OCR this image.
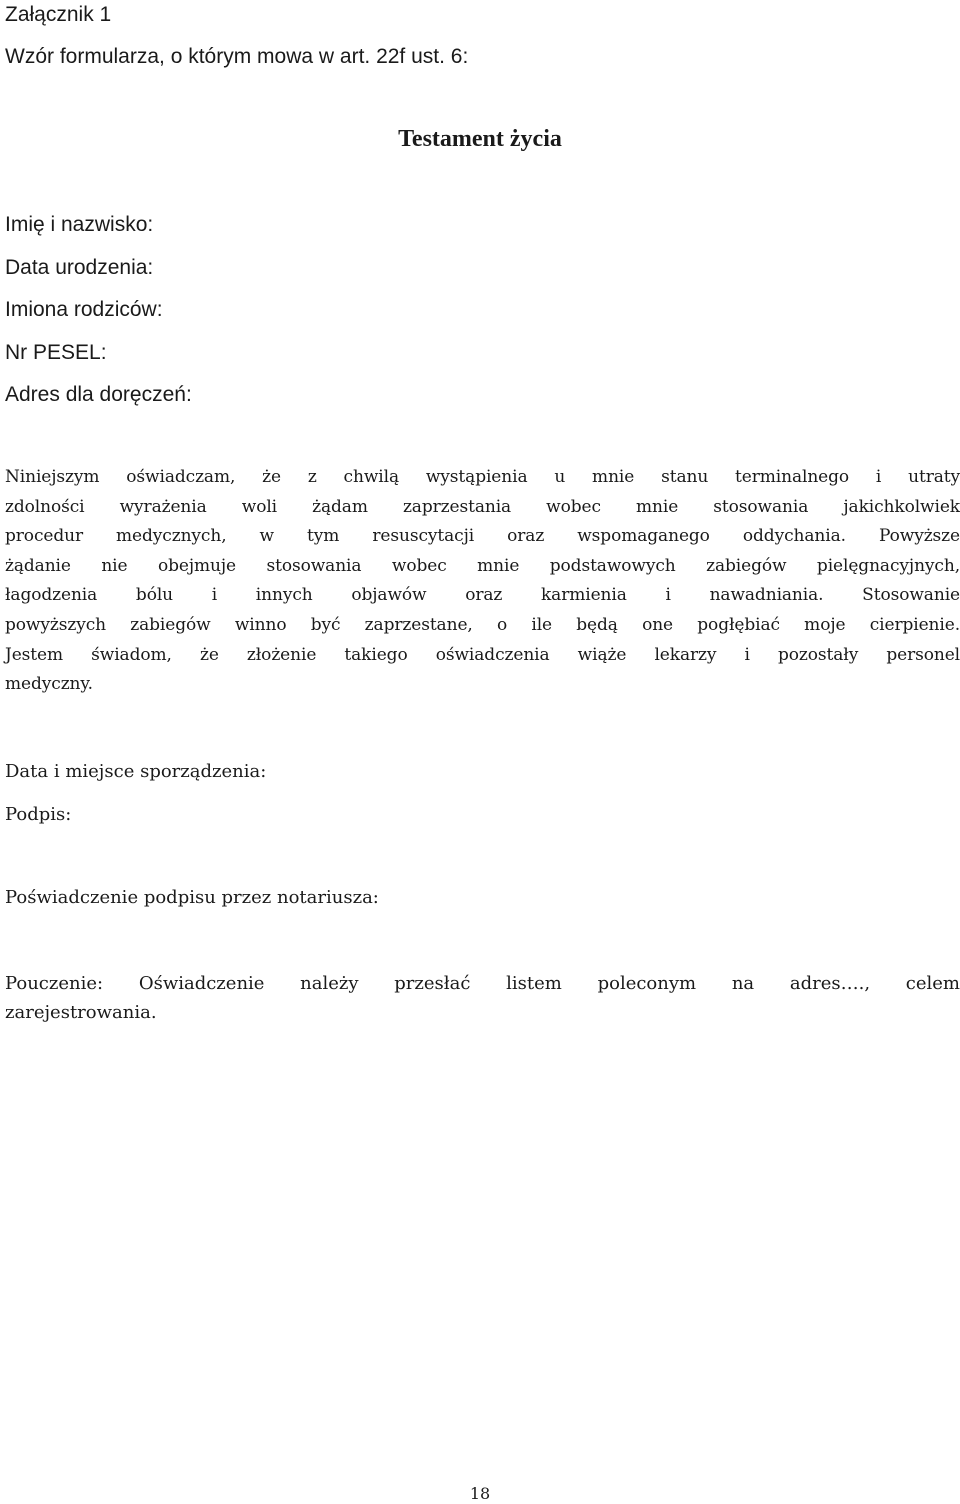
Załącznik 1
Wzór formularza, o którym mowa w art. 22f ust. 6:
Testament życia
Imię i nazwisko:
Data urodzenia:
Imiona rodziców:
Nr PESEL:
Adres dla doręczeń:
Niniejszym oświadczam, że z chwilą wystąpienia u mnie stanu terminalnego i utraty
zdolności wyrażenia woli żądam zaprzestania wobec mnie stosowania jakichkolwiek
procedur medycznych, w tym resuscytacji oraz wspomaganego oddychania. Powyższe
żądanie nie obejmuje stosowania wobec mnie podstawowych zabiegów pielęgnacyjnych,
łagodzenia bólu i innych objawów oraz karmienia i nawadniania. Stosowanie
powyższych zabiegów winno być zaprzestane, o ile będą one pogłębiać moje cierpienie.
Jestem świadom, że złożenie takiego oświadczenia wiąże lekarzy i pozostały personel
medyczny.
Data i miejsce sporządzenia:
Podpis:
Poświadczenie podpisu przez notariusza:
Pouczenie: Oświadczenie należy przesłać listem poleconym na adres…., celem
zarejestrowania.
18
